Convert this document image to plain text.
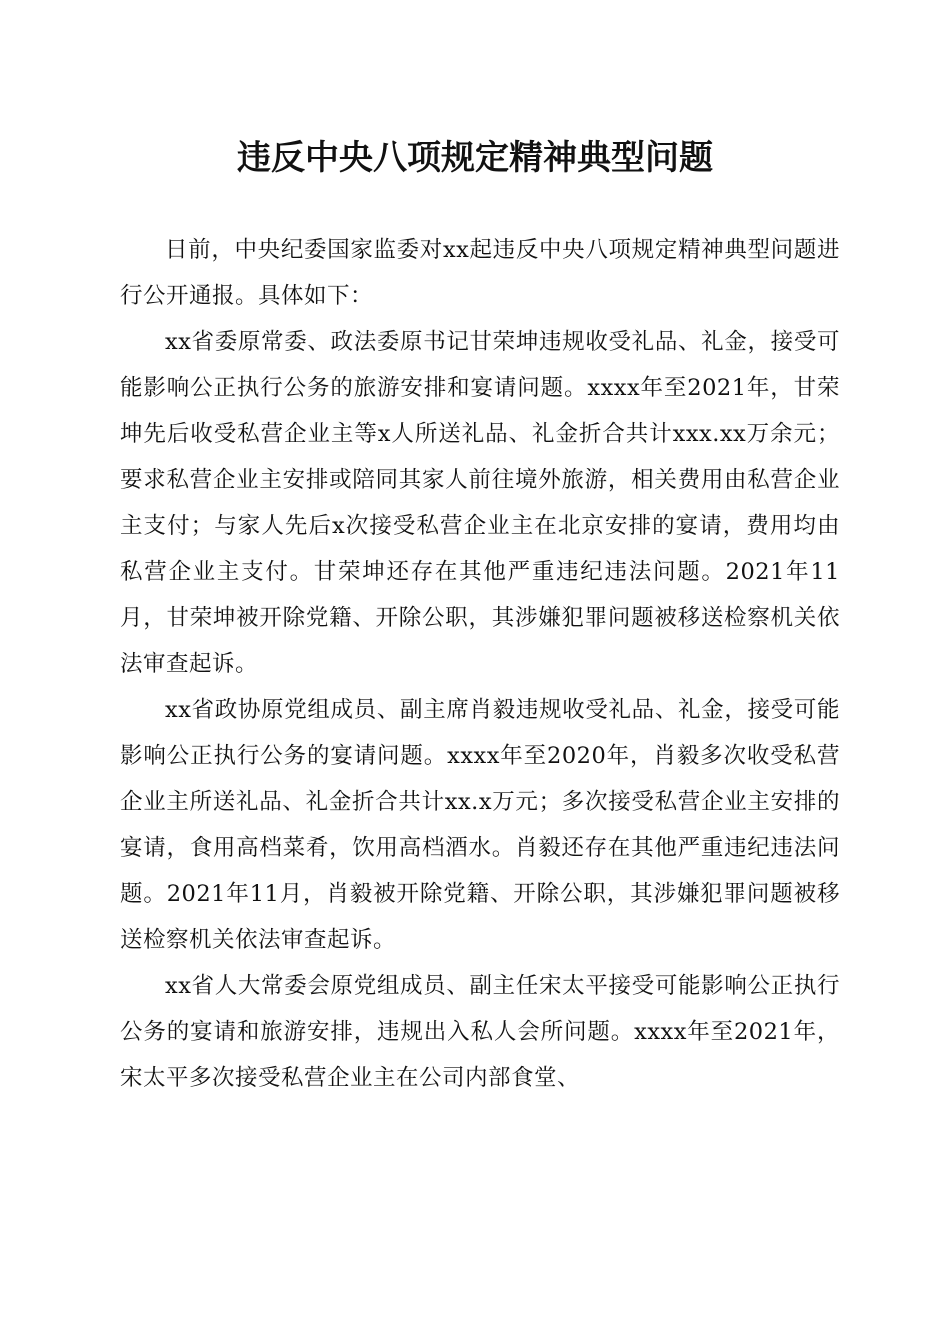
违反中央八项规定精神典型问题

日前，中央纪委国家监委对xx起违反中央八项规定精神典型问题进行公开通报。具体如下：

xx省委原常委、政法委原书记甘荣坤违规收受礼品、礼金，接受可能影响公正执行公务的旅游安排和宴请问题。xxxx年至2021年，甘荣坤先后收受私营企业主等x人所送礼品、礼金折合共计xxx.xx万余元；要求私营企业主安排或陪同其家人前往境外旅游，相关费用由私营企业主支付；与家人先后x次接受私营企业主在北京安排的宴请，费用均由私营企业主支付。甘荣坤还存在其他严重违纪违法问题。2021年11月，甘荣坤被开除党籍、开除公职，其涉嫌犯罪问题被移送检察机关依法审查起诉。

xx省政协原党组成员、副主席肖毅违规收受礼品、礼金，接受可能影响公正执行公务的宴请问题。xxxx年至2020年，肖毅多次收受私营企业主所送礼品、礼金折合共计xx.x万元；多次接受私营企业主安排的宴请，食用高档菜肴，饮用高档酒水。肖毅还存在其他严重违纪违法问题。2021年11月，肖毅被开除党籍、开除公职，其涉嫌犯罪问题被移送检察机关依法审查起诉。

xx省人大常委会原党组成员、副主任宋太平接受可能影响公正执行公务的宴请和旅游安排，违规出入私人会所问题。xxxx年至2021年，宋太平多次接受私营企业主在公司内部食堂、
